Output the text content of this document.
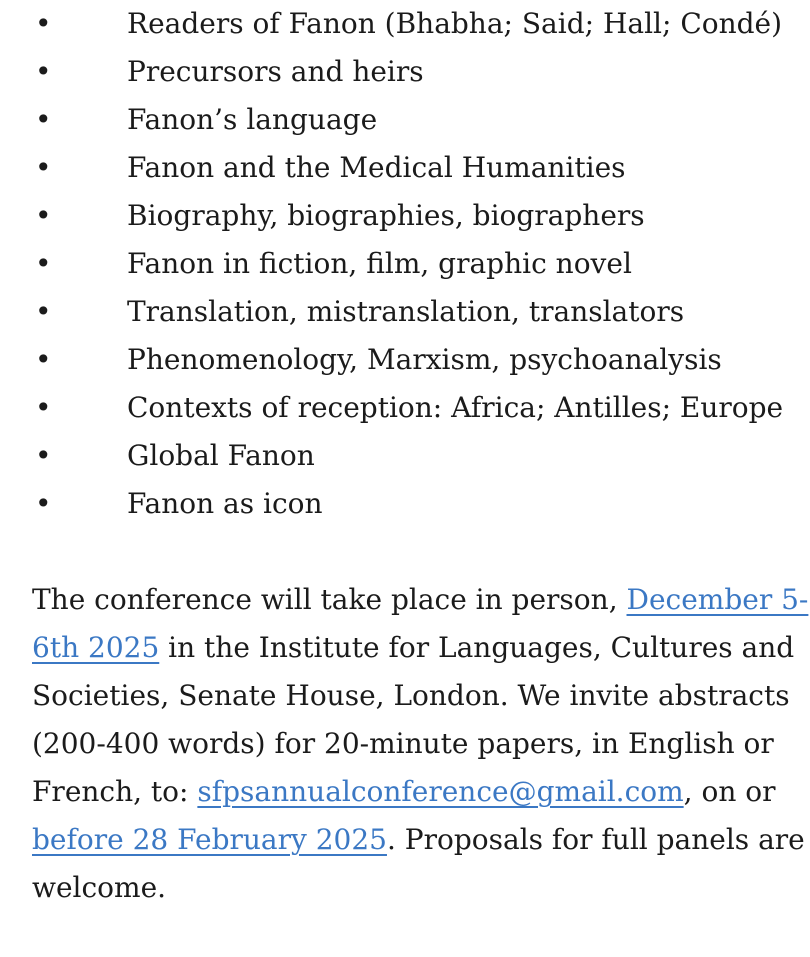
•	Readers of Fanon (Bhabha; Said; Hall; Condé)
•	Precursors and heirs
•	Fanon’s language
•	Fanon and the Medical Humanities
•	Biography, biographies, biographers
•	Fanon in fiction, film, graphic novel
•	Translation, mistranslation, translators
•	Phenomenology, Marxism, psychoanalysis
•	Contexts of reception: Africa; Antilles; Europe
•	Global Fanon
•	Fanon as icon

The conference will take place in person, December 5-
6th 2025 in the Institute for Languages, Cultures and
Societies, Senate House, London. We invite abstracts
(200-400 words) for 20-minute papers, in English or
French, to: sfpsannualconference@gmail.com, on or
before 28 February 2025. Proposals for full panels are
welcome.
